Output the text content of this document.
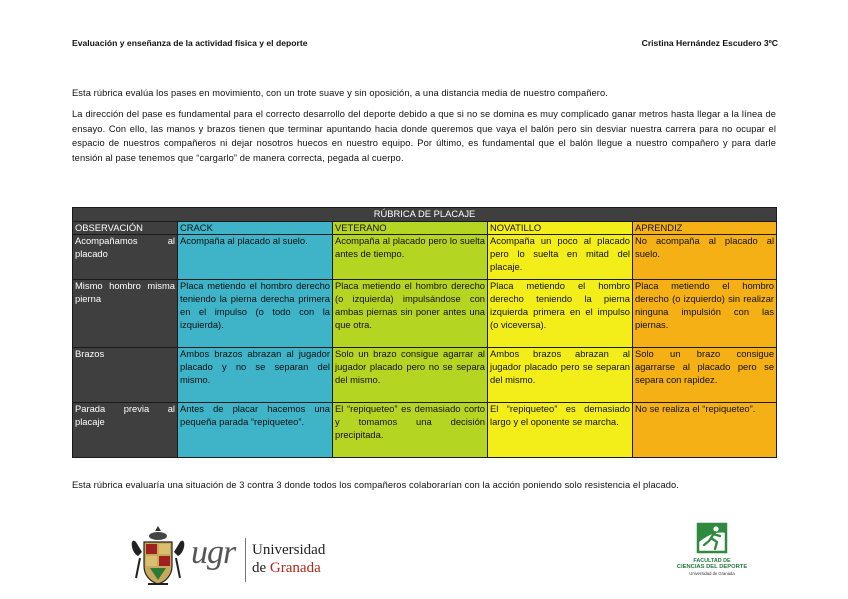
Evaluación y enseñanza de la actividad física y el deporte	Cristina Hernández Escudero 3ºC
Esta rúbrica evalúa los pases en movimiento, con un trote suave y sin oposición, a una distancia media de nuestro compañero.
La dirección del pase es fundamental para el correcto desarrollo del deporte debido a que si no se domina es muy complicado ganar metros hasta llegar a la línea de ensayo. Con ello, las manos y brazos tienen que terminar apuntando hacia donde queremos que vaya el balón pero sin desviar nuestra carrera para no ocupar el espacio de nuestros compañeros ni dejar nosotros huecos en nuestro equipo. Por último, es fundamental que el balón llegue a nuestro compañero y para darle tensión al pase tenemos que “cargarlo” de manera correcta, pegada al cuerpo.
RÚBRICA DE PLACAJE				
OBSERVACIÓN	CRACK	VETERANO	NOVATILLO	APRENDIZ
Acompañamos al placado	Acompaña al placado al suelo.	Acompaña al placado pero lo suelta antes de tiempo.	Acompaña un poco al placado pero lo suelta en mitad del placaje.	No acompaña al placado al suelo.
Mismo hombro misma pierna	Placa metiendo el hombro derecho teniendo la pierna derecha primera en el impulso (o todo con la izquierda).	Placa metiendo el hombro derecho (o izquierda) impulsándose con ambas piernas sin poner antes una que otra.	Placa metiendo el hombro derecho teniendo la pierna izquierda primera en el impulso (o viceversa).	Placa metiendo el hombro derecho (o izquierdo) sin realizar ninguna impulsión con las piernas.
Brazos	Ambos brazos abrazan al jugador placado y no se separan del mismo.	Solo un brazo consigue agarrar al jugador placado pero no se separa del mismo.	Ambos brazos abrazan al jugador placado pero se separan del mismo.	Solo un brazo consigue agarrarse al placado pero se separa con rapidez.
Parada previa al placaje	Antes de placar hacemos una pequeña parada “repiqueteo”.	El “repiqueteo” es demasiado corto y tomamos una decisión precipitada.	El “repiqueteo” es demasiado largo y el oponente se marcha.	No se realiza el “repiqueteo”.
Esta rúbrica evaluaría una situación de 3 contra 3 donde todos los compañeros colaborarían con la acción poniendo solo resistencia el placado.
ugr Universidad
de Granada	FACULTAD DE
CIENCIAS DEL DEPORTE
Universidad de Granada
